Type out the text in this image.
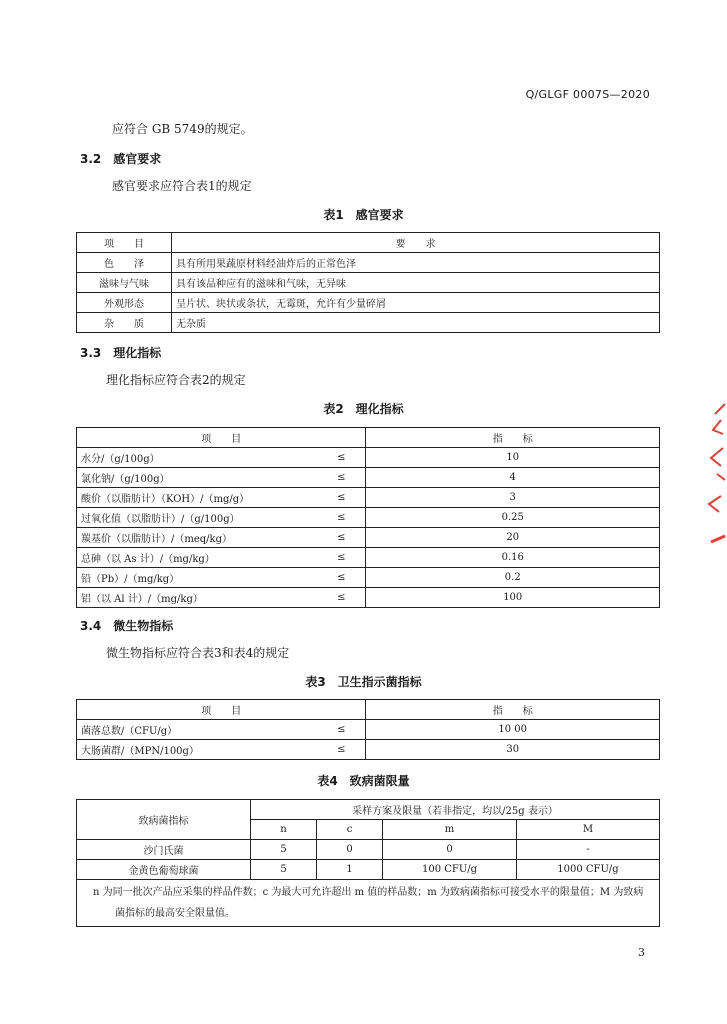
Q/GLGF 0007S—2020
应符合 GB 5749的规定。
3.2　感官要求
感官要求应符合表1的规定
表1　感官要求
项　　目	要　　求
色　　泽	具有所用果蔬原材料经油炸后的正常色泽
滋味与气味	具有该品种应有的滋味和气味，无异味
外观形态	呈片状、块状或条状，无霉斑，允许有少量碎屑
杂　　质	无杂质
3.3　理化指标
理化指标应符合表2的规定
表2　理化指标
项　　目		指　　标
水分/（g/100g）	≤	10
氯化钠/（g/100g）	≤	4
酸价（以脂肪计）（KOH）/（mg/g）	≤	3
过氧化值（以脂肪计）/（g/100g）	≤	0.25
羰基价（以脂肪计）/（meq/kg）	≤	20
总砷（以 As 计）/（mg/kg）	≤	0.16
铅（Pb）/（mg/kg）	≤	0.2
铝（以 Al 计）/（mg/kg）	≤	100
3.4　微生物指标
微生物指标应符合表3和表4的规定
表3　卫生指示菌指标
项　　目		指　　标
菌落总数/（CFU/g）	≤	10 00
大肠菌群/（MPN/100g）	≤	30
表4　致病菌限量
致病菌指标	采样方案及限量（若非指定，均以/25g 表示）			
	n	c	m	M
沙门氏菌	5	0	0	-
金黄色葡萄球菌	5	1	100 CFU/g	1000 CFU/g
n 为同一批次产品应采集的样品件数；c 为最大可允许超出 m 值的样品数；m 为致病菌指标可接受水平的限量值；M 为致病菌指标的最高安全限量值。				
3
